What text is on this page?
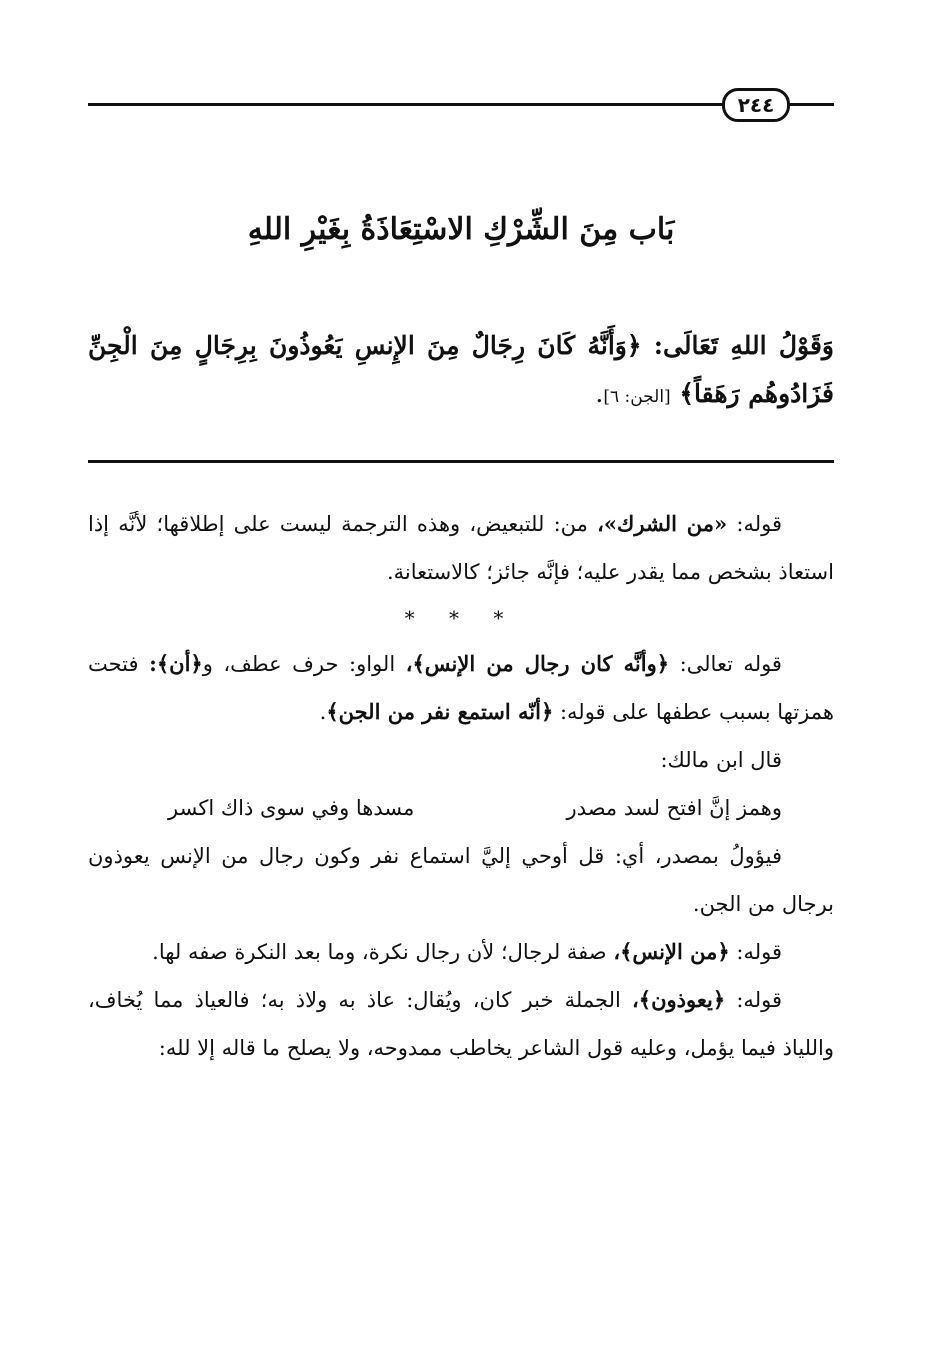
٢٤٤
بَاب مِنَ الشِّرْكِ الاسْتِعَاذَةُ بِغَيْرِ اللهِ
وَقَوْلُ اللهِ تَعَالَى: ﴿وَأَنَّهُ كَانَ رِجَالٌ مِنَ الإِنسِ يَعُوذُونَ بِرِجَالٍ مِنَ الْجِنِّ فَزَادُوهُم رَهَقاً﴾ [الجن: ٦].

قوله: «من الشرك»، من: للتبعيض، وهذه الترجمة ليست على إطلاقها؛ لأنَّه إذا استعاذ بشخص مما يقدر عليه؛ فإنَّه جائز؛ كالاستعانة.

* * *

قوله تعالى: ﴿وأنَّه كان رجال من الإنس﴾، الواو: حرف عطف، و﴿أن﴾: فتحت همزتها بسبب عطفها على قوله: ﴿أنّه استمع نفر من الجن﴾.

قال ابن مالك:

وهمز إنَّ افتح لسد مصدر
مسدها وفي سوى ذاك اكسر

فيؤولُ بمصدر، أي: قل أوحي إليَّ استماع نفر وكون رجال من الإنس يعوذون برجال من الجن.

قوله: ﴿من الإنس﴾، صفة لرجال؛ لأن رجال نكرة، وما بعد النكرة صفه لها.

قوله: ﴿يعوذون﴾، الجملة خبر كان، ويُقال: عاذ به ولاذ به؛ فالعياذ مما يُخاف، واللياذ فيما يؤمل، وعليه قول الشاعر يخاطب ممدوحه، ولا يصلح ما قاله إلا لله:
